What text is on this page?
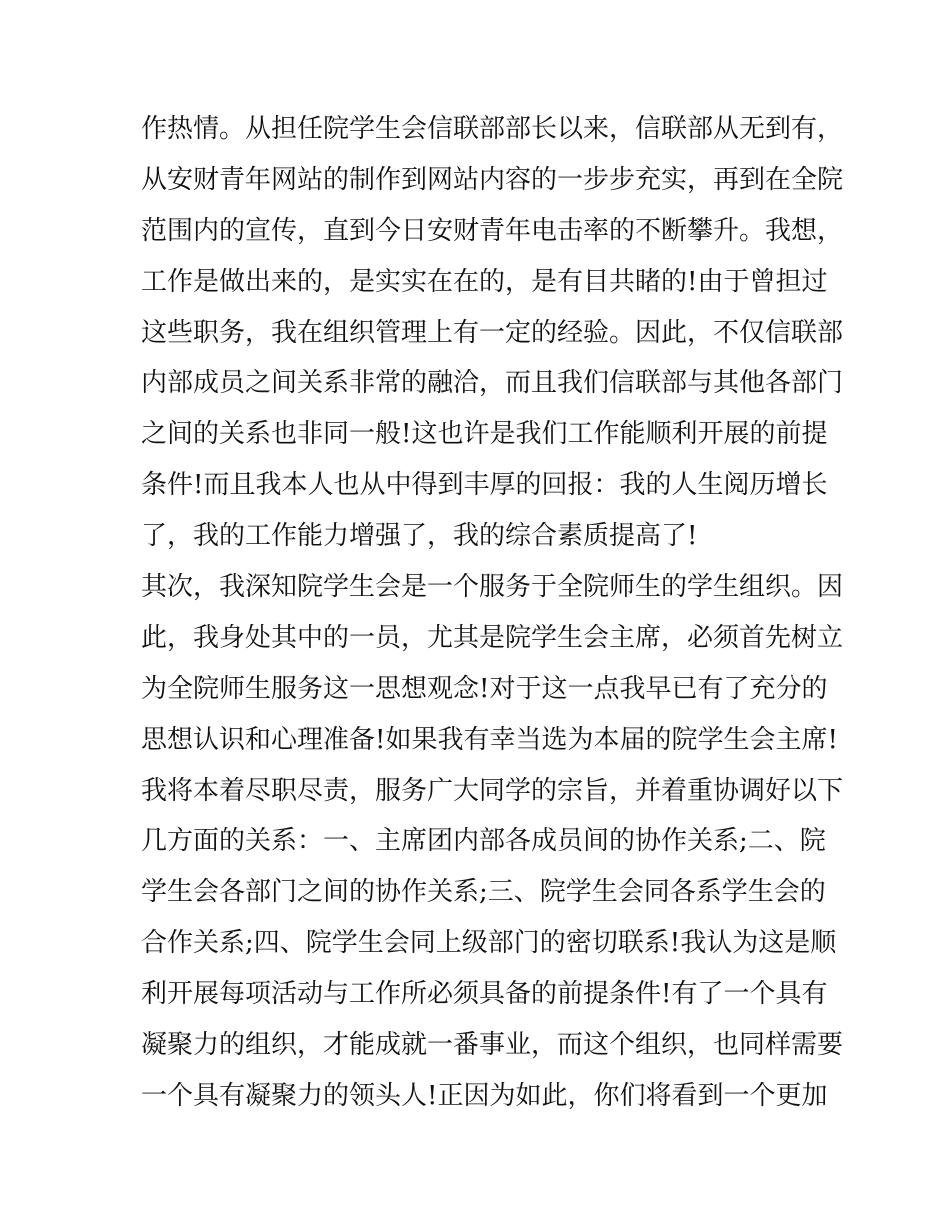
作热情。从担任院学生会信联部部长以来，信联部从无到有，
从安财青年网站的制作到网站内容的一步步充实，再到在全院
范围内的宣传，直到今日安财青年电击率的不断攀升。我想，
工作是做出来的，是实实在在的，是有目共睹的!由于曾担过
这些职务，我在组织管理上有一定的经验。因此，不仅信联部
内部成员之间关系非常的融洽，而且我们信联部与其他各部门
之间的关系也非同一般!这也许是我们工作能顺利开展的前提
条件!而且我本人也从中得到丰厚的回报：我的人生阅历增长
了，我的工作能力增强了，我的综合素质提高了!
其次，我深知院学生会是一个服务于全院师生的学生组织。因
此，我身处其中的一员，尤其是院学生会主席，必须首先树立
为全院师生服务这一思想观念!对于这一点我早已有了充分的
思想认识和心理准备!如果我有幸当选为本届的院学生会主席!
我将本着尽职尽责，服务广大同学的宗旨，并着重协调好以下
几方面的关系：一、主席团内部各成员间的协作关系;二、院
学生会各部门之间的协作关系;三、院学生会同各系学生会的
合作关系;四、院学生会同上级部门的密切联系!我认为这是顺
利开展每项活动与工作所必须具备的前提条件!有了一个具有
凝聚力的组织，才能成就一番事业，而这个组织，也同样需要
一个具有凝聚力的领头人!正因为如此，你们将看到一个更加
